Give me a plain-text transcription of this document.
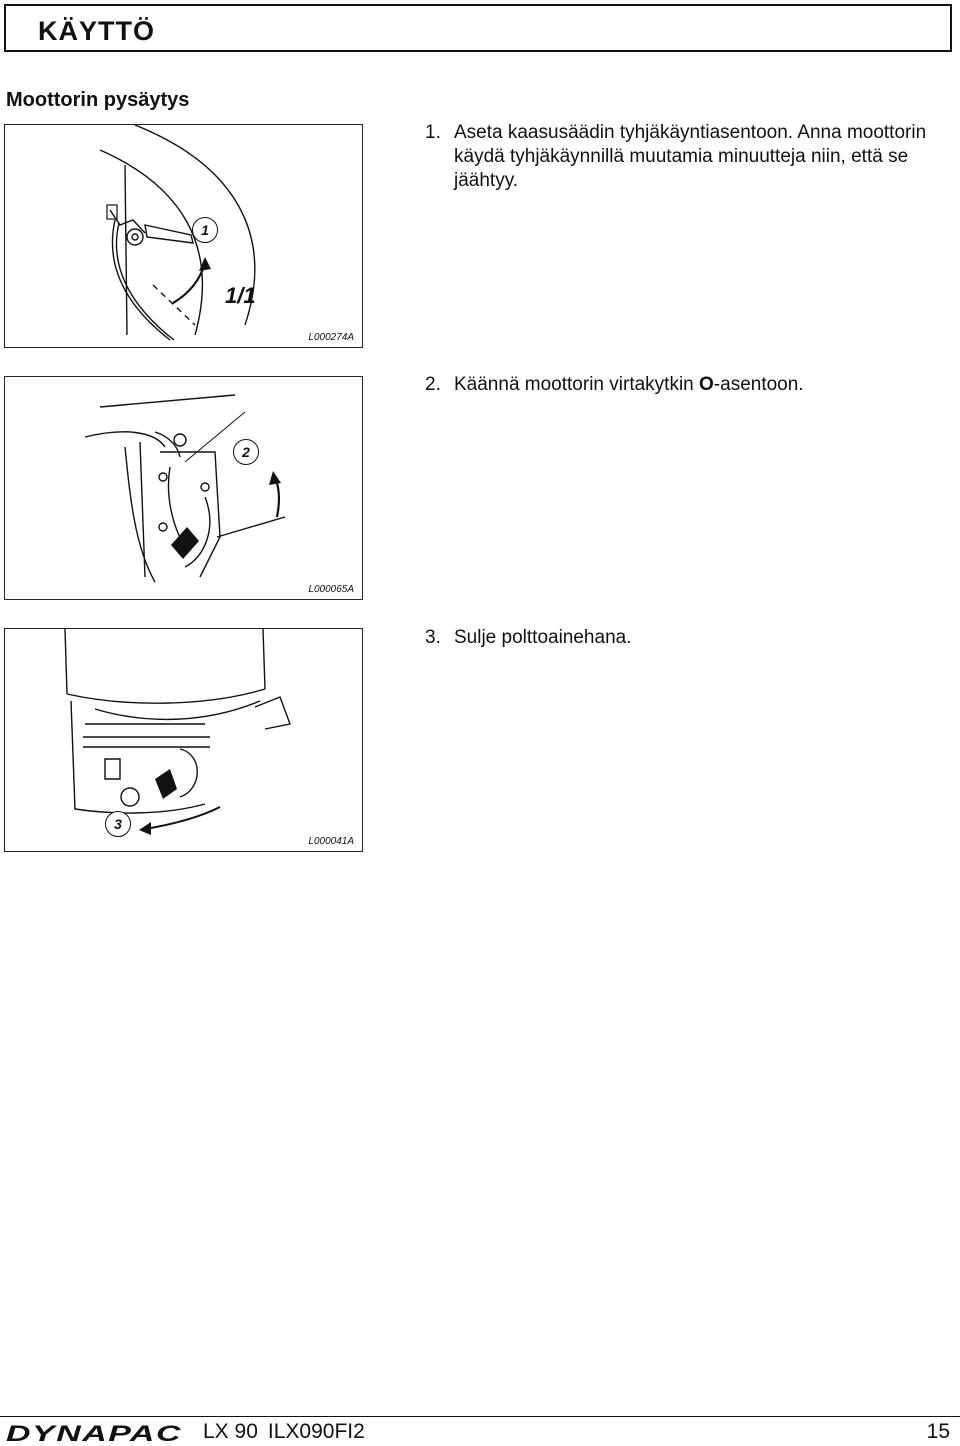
KÄYTTÖ
Moottorin pysäytys
1
1/1
L000274A
1. Aseta kaasusäädin tyhjäkäyntiasentoon. Anna moottorin käydä tyhjäkäynnillä muutamia minuutteja niin, että se jäähtyy.
2
L000065A
2. Käännä moottorin virtakytkin O-asentoon.
3
L000041A
3. Sulje polttoainehana.
DYNAPAC LX 90 ILX090FI2	15
